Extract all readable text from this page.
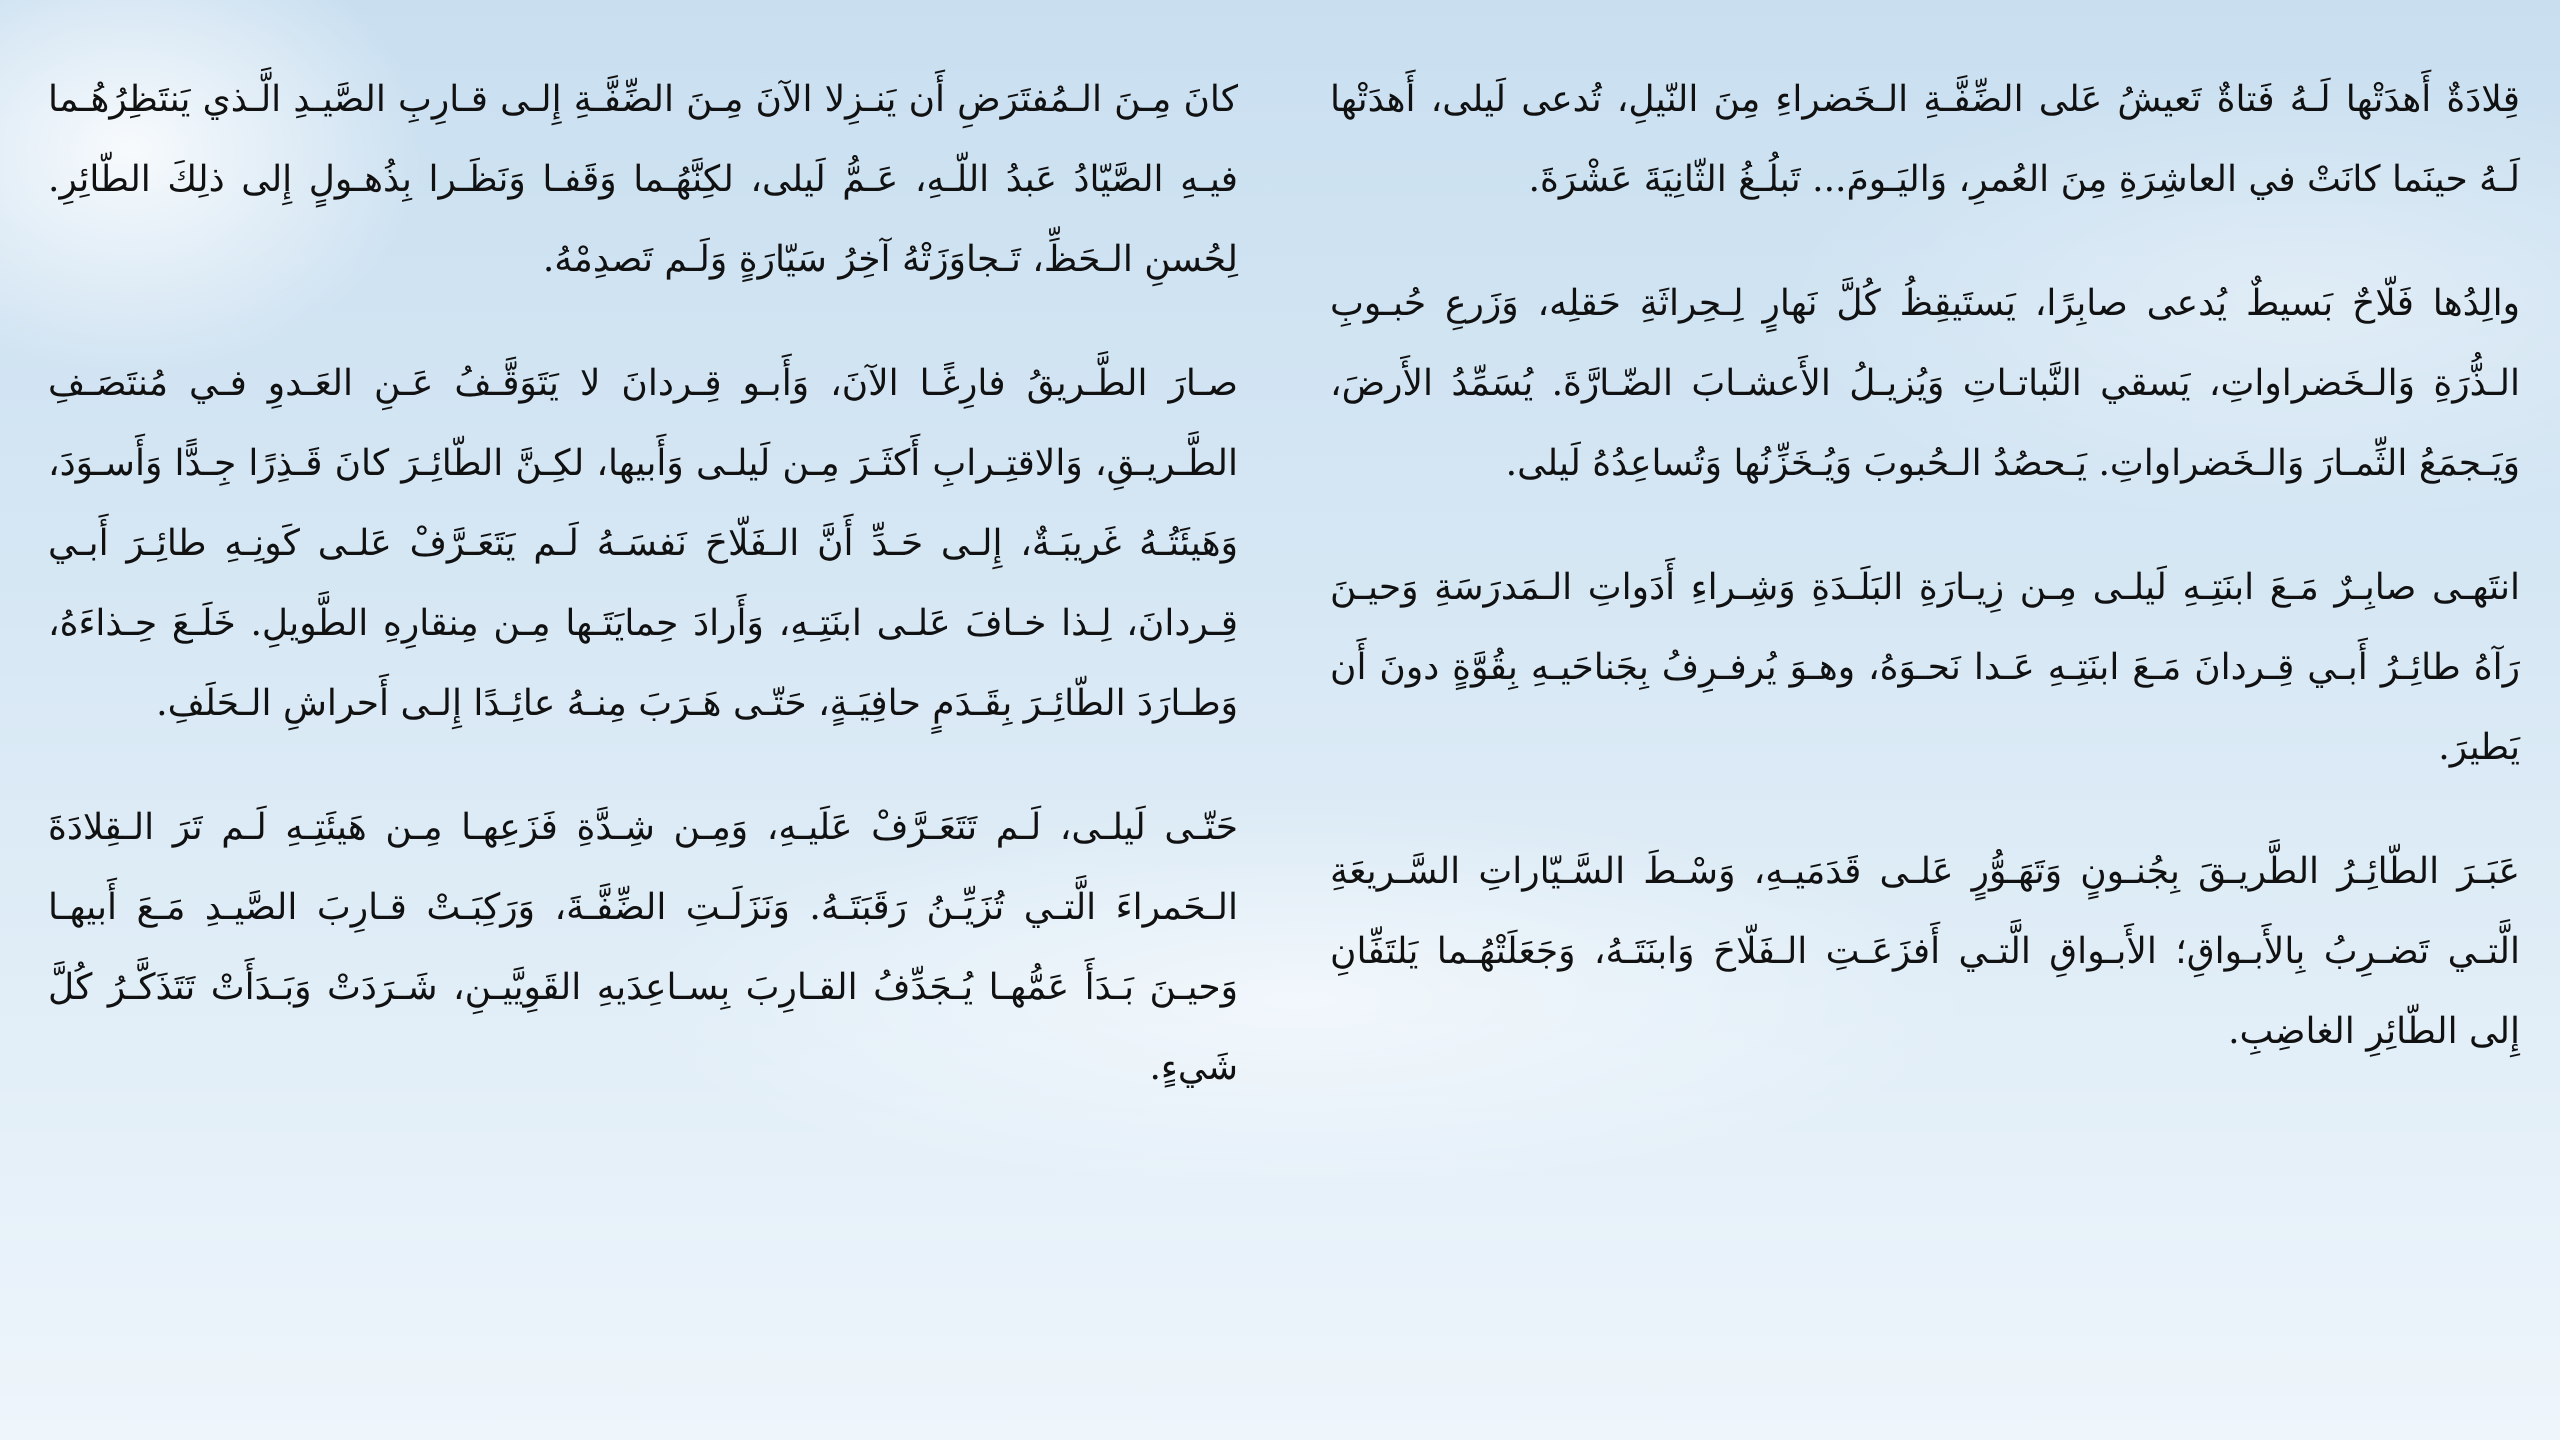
قِلادَةٌ أَهدَتْها لَـهُ فَتاةٌ تَعيشُ عَلى الضِّفَّـةِ الـخَضراءِ مِنَ النّيلِ، تُدعى لَيلى، أَهدَتْها لَـهُ حينَما كانَتْ في العاشِرَةِ مِنَ العُمرِ، وَاليَـومَ... تَبلُـغُ الثّانِيَةَ عَشْرَةَ.

والِدُها فَلّاحٌ بَسيطٌ يُدعى صابِرًا، يَستَيقِظُ كُلَّ نَهارٍ لِـحِراثَةِ حَقلِه، وَزَرعِ حُبـوبِ الـذُّرَةِ وَالـخَضراواتِ، يَسقي النَّباتـاتِ وَيُزيـلُ الأَعشـابَ الضّـارَّةَ. يُسَمِّدُ الأَرضَ، وَيَـجمَعُ الثِّمـارَ وَالـخَضراواتِ. يَـحصُدُ الـحُبوبَ وَيُـخَزِّنُها وَتُساعِدُهُ لَيلى.

انتَهـى صابِـرٌ مَـعَ ابنَتِـهِ لَيلـى مِـن زِيـارَةِ البَلَـدَةِ وَشِـراءِ أَدَواتِ الـمَدرَسَةِ وَحيـنَ رَآهُ طائِـرُ أَبـي قِـردانَ مَـعَ ابنَتِـهِ عَـدا نَحـوَهُ، وهـوَ يُرفـرِفُ بِجَناحَيـهِ بِقُوَّةٍ دونَ أَن يَطيرَ.

عَبَـرَ الطّائِـرُ الطَّريـقَ بِجُنـونٍ وَتَهَـوُّرٍ عَلـى قَدَمَيـهِ، وَسْـطَ السَّـيّاراتِ السَّـريعَةِ الَّتـي تَضـرِبُ بِالأَبـواقِ؛ الأَبـواقِ الَّتـي أَفزَعَـتِ الـفَلّاحَ وَابنَتَـهُ، وَجَعَلَتْهُـما يَلتَفِّانِ إِلى الطّائِرِ الغاضِبِ.

كانَ مِـنَ الـمُفتَرَضِ أَن يَنـزِلا الآنَ مِـنَ الضِّفَّـةِ إِلـى قـارِبِ الصَّيـدِ الَّـذي يَنتَظِرُهُـما فيـهِ الصَّيّادُ عَبدُ اللّـهِ، عَـمُّ لَيلى، لكِنَّهُـما وَقَفـا وَنَظَـرا بِذُهـولٍ إِلى ذلِكَ الطّائِرِ. لِحُسنِ الـحَظِّ، تَـجاوَزَتْهُ آخِرُ سَيّارَةٍ وَلَـم تَصدِمْهُ.

صـارَ الطَّـريقُ فارِغًـا الآنَ، وَأَبـو قِـردانَ لا يَتَوَقَّـفُ عَـنِ العَـدوِ فـي مُنتَصَـفِ الطَّـريـقِ، وَالاقتِـرابِ أَكثَـرَ مِـن لَيلـى وَأَبيها، لكِـنَّ الطّائِـرَ كانَ قَـذِرًا جِـدًّا وَأَسـوَدَ، وَهَيئَتُـهُ غَريبَـةٌ، إِلـى حَـدِّ أَنَّ الـفَلّاحَ نَفسَـهُ لَـم يَتَعَـرَّفْ عَلـى كَونِـهِ طائِـرَ أَبـي قِـردانَ، لِـذا خـافَ عَلـى ابنَتِـهِ، وَأَرادَ حِمايَتَـها مِـن مِنقارِهِ الطَّويلِ. خَلَـعَ حِـذاءَهُ، وَطـارَدَ الطّائِـرَ بِقَـدَمٍ حافِيَـةٍ، حَتّـى هَـرَبَ مِنـهُ عائِـدًا إِلـى أَحراشِ الـحَلَفِ.

حَتّـى لَيلـى، لَـم تَتَعَـرَّفْ عَلَيـهِ، وَمِـن شِـدَّةِ فَزَعِهـا مِـن هَيئَتِـهِ لَـم تَرَ الـقِلادَةَ الـحَمراءَ الَّتـي تُزَيِّـنُ رَقَبَتَـهُ. وَنَزَلَـتِ الضِّفَّـةَ، وَرَكِبَـتْ قـارِبَ الصَّيـدِ مَـعَ أَبيهـا وَحيـنَ بَـدَأَ عَمُّهـا يُـجَدِّفُ القـارِبَ بِسـاعِدَيهِ القَوِيَّيـنِ، شَـرَدَتْ وَبَـدَأَتْ تَتَذَكَّـرُ كُلَّ شَيءٍ.
